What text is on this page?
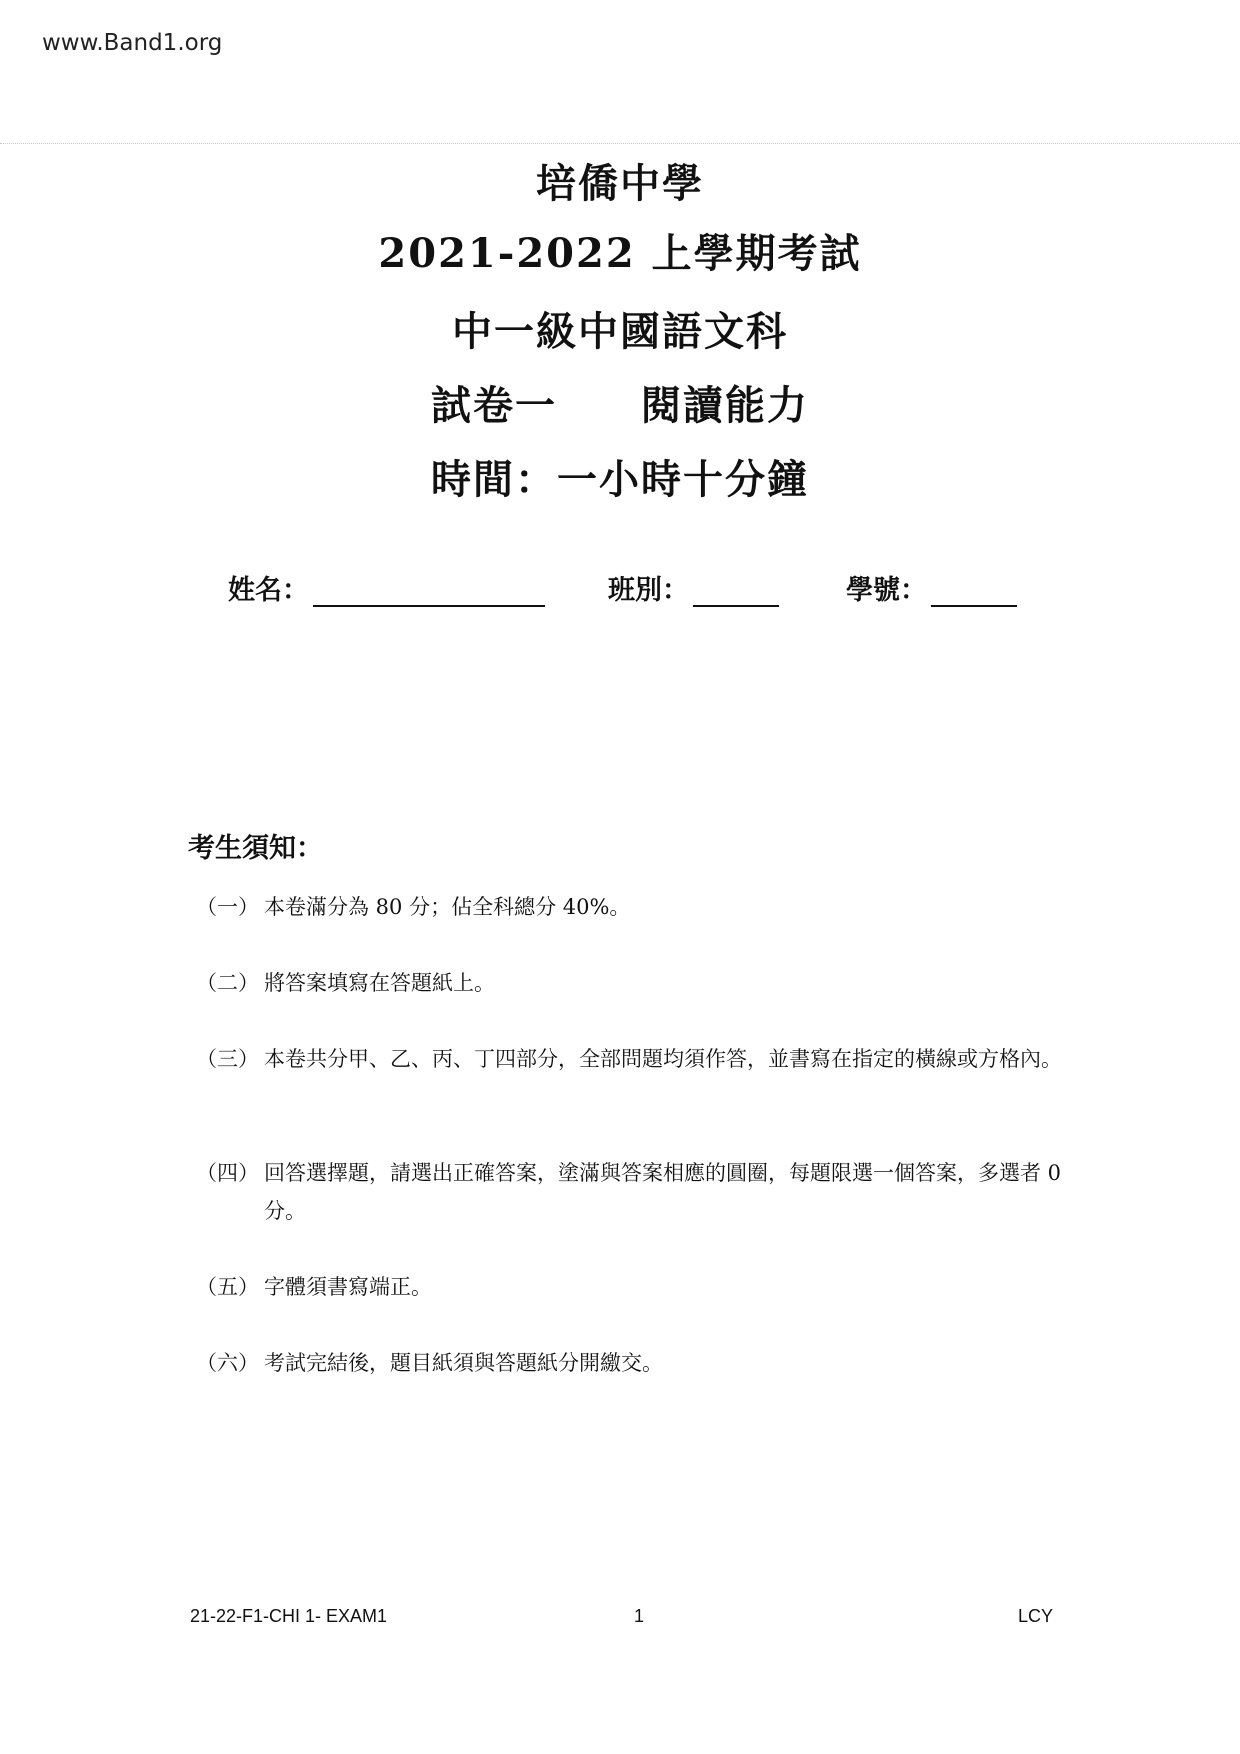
www.Band1.org
培僑中學
2021-2022 上學期考試
中一級中國語文科
試卷一 閱讀能力
時間：一小時十分鐘
姓名：	班別：	學號：
考生須知：
（一） 本卷滿分為 80 分；佔全科總分 40%。
（二） 將答案填寫在答題紙上。
（三） 本卷共分甲、乙、丙、丁四部分，全部問題均須作答，並書寫在指定的橫線或方格內。
（四） 回答選擇題，請選出正確答案，塗滿與答案相應的圓圈，每題限選一個答案，多選者 0 分。
（五） 字體須書寫端正。
（六） 考試完結後，題目紙須與答題紙分開繳交。
21-22-F1-CHI 1- EXAM1	1	LCY
